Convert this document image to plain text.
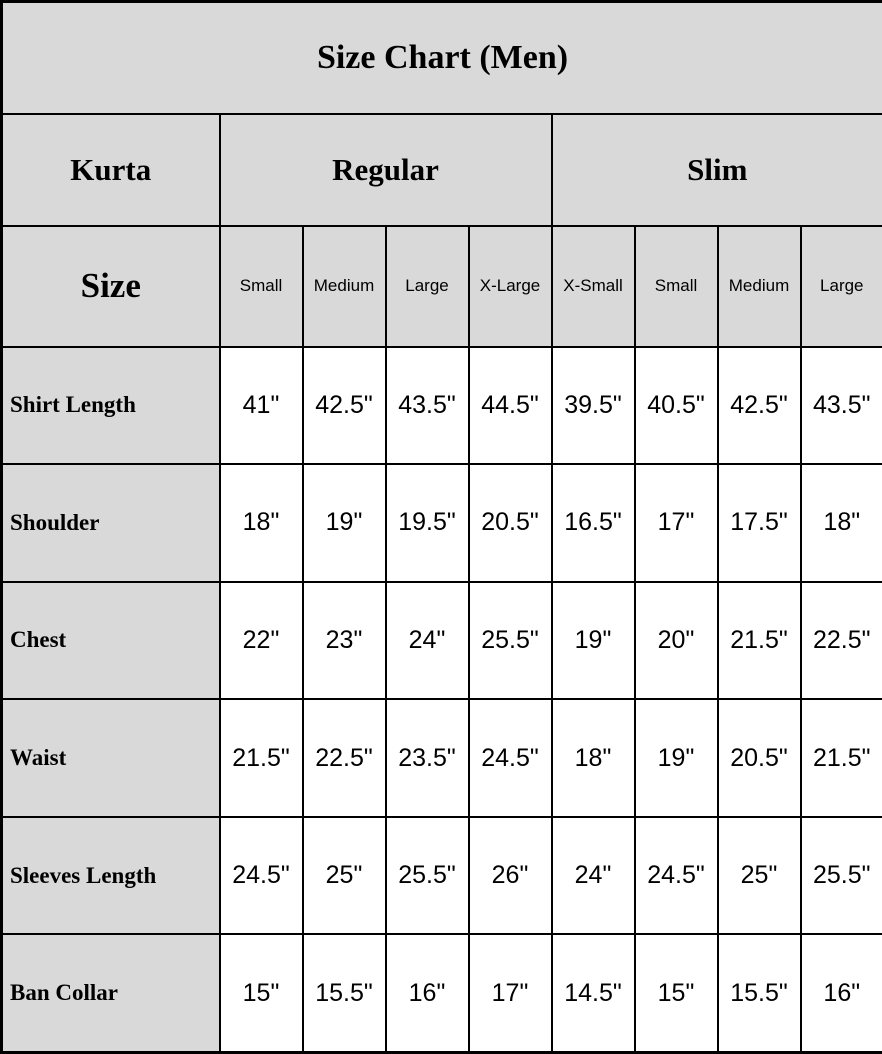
Size Chart (Men)								
Kurta	Regular				Slim			
Size	Small	Medium	Large	X-Large	X-Small	Small	Medium	Large
Shirt Length	41"	42.5"	43.5"	44.5"	39.5"	40.5"	42.5"	43.5"
Shoulder	18"	19"	19.5"	20.5"	16.5"	17"	17.5"	18"
Chest	22"	23"	24"	25.5"	19"	20"	21.5"	22.5"
Waist	21.5"	22.5"	23.5"	24.5"	18"	19"	20.5"	21.5"
Sleeves Length	24.5"	25"	25.5"	26"	24"	24.5"	25"	25.5"
Ban Collar	15"	15.5"	16"	17"	14.5"	15"	15.5"	16"
